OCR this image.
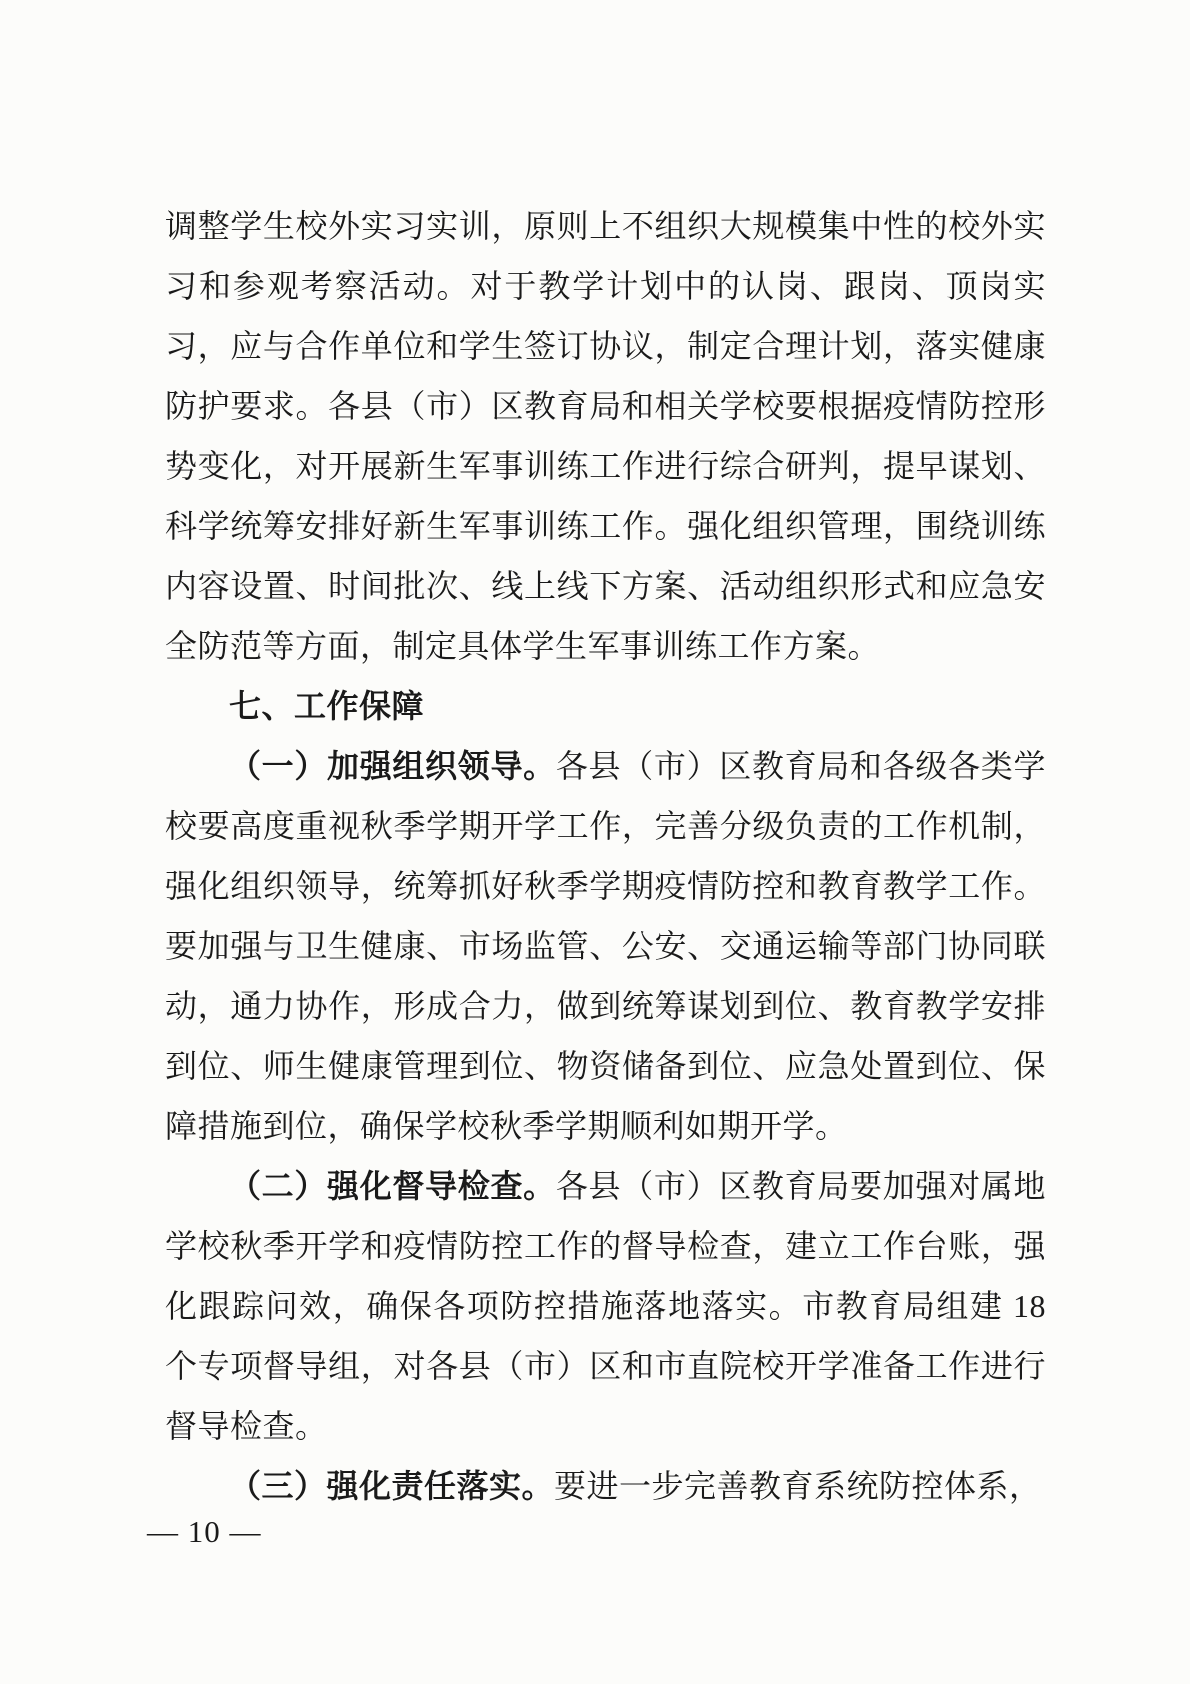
调整学生校外实习实训，原则上不组织大规模集中性的校外实习和参观考察活动。对于教学计划中的认岗、跟岗、顶岗实习，应与合作单位和学生签订协议，制定合理计划，落实健康防护要求。各县（市）区教育局和相关学校要根据疫情防控形势变化，对开展新生军事训练工作进行综合研判，提早谋划、科学统筹安排好新生军事训练工作。强化组织管理，围绕训练内容设置、时间批次、线上线下方案、活动组织形式和应急安全防范等方面，制定具体学生军事训练工作方案。

七、工作保障

（一）加强组织领导。各县（市）区教育局和各级各类学校要高度重视秋季学期开学工作，完善分级负责的工作机制，强化组织领导，统筹抓好秋季学期疫情防控和教育教学工作。要加强与卫生健康、市场监管、公安、交通运输等部门协同联动，通力协作，形成合力，做到统筹谋划到位、教育教学安排到位、师生健康管理到位、物资储备到位、应急处置到位、保障措施到位，确保学校秋季学期顺利如期开学。

（二）强化督导检查。各县（市）区教育局要加强对属地学校秋季开学和疫情防控工作的督导检查，建立工作台账，强化跟踪问效，确保各项防控措施落地落实。市教育局组建 18 个专项督导组，对各县（市）区和市直院校开学准备工作进行督导检查。

（三）强化责任落实。要进一步完善教育系统防控体系，

— 10 —
